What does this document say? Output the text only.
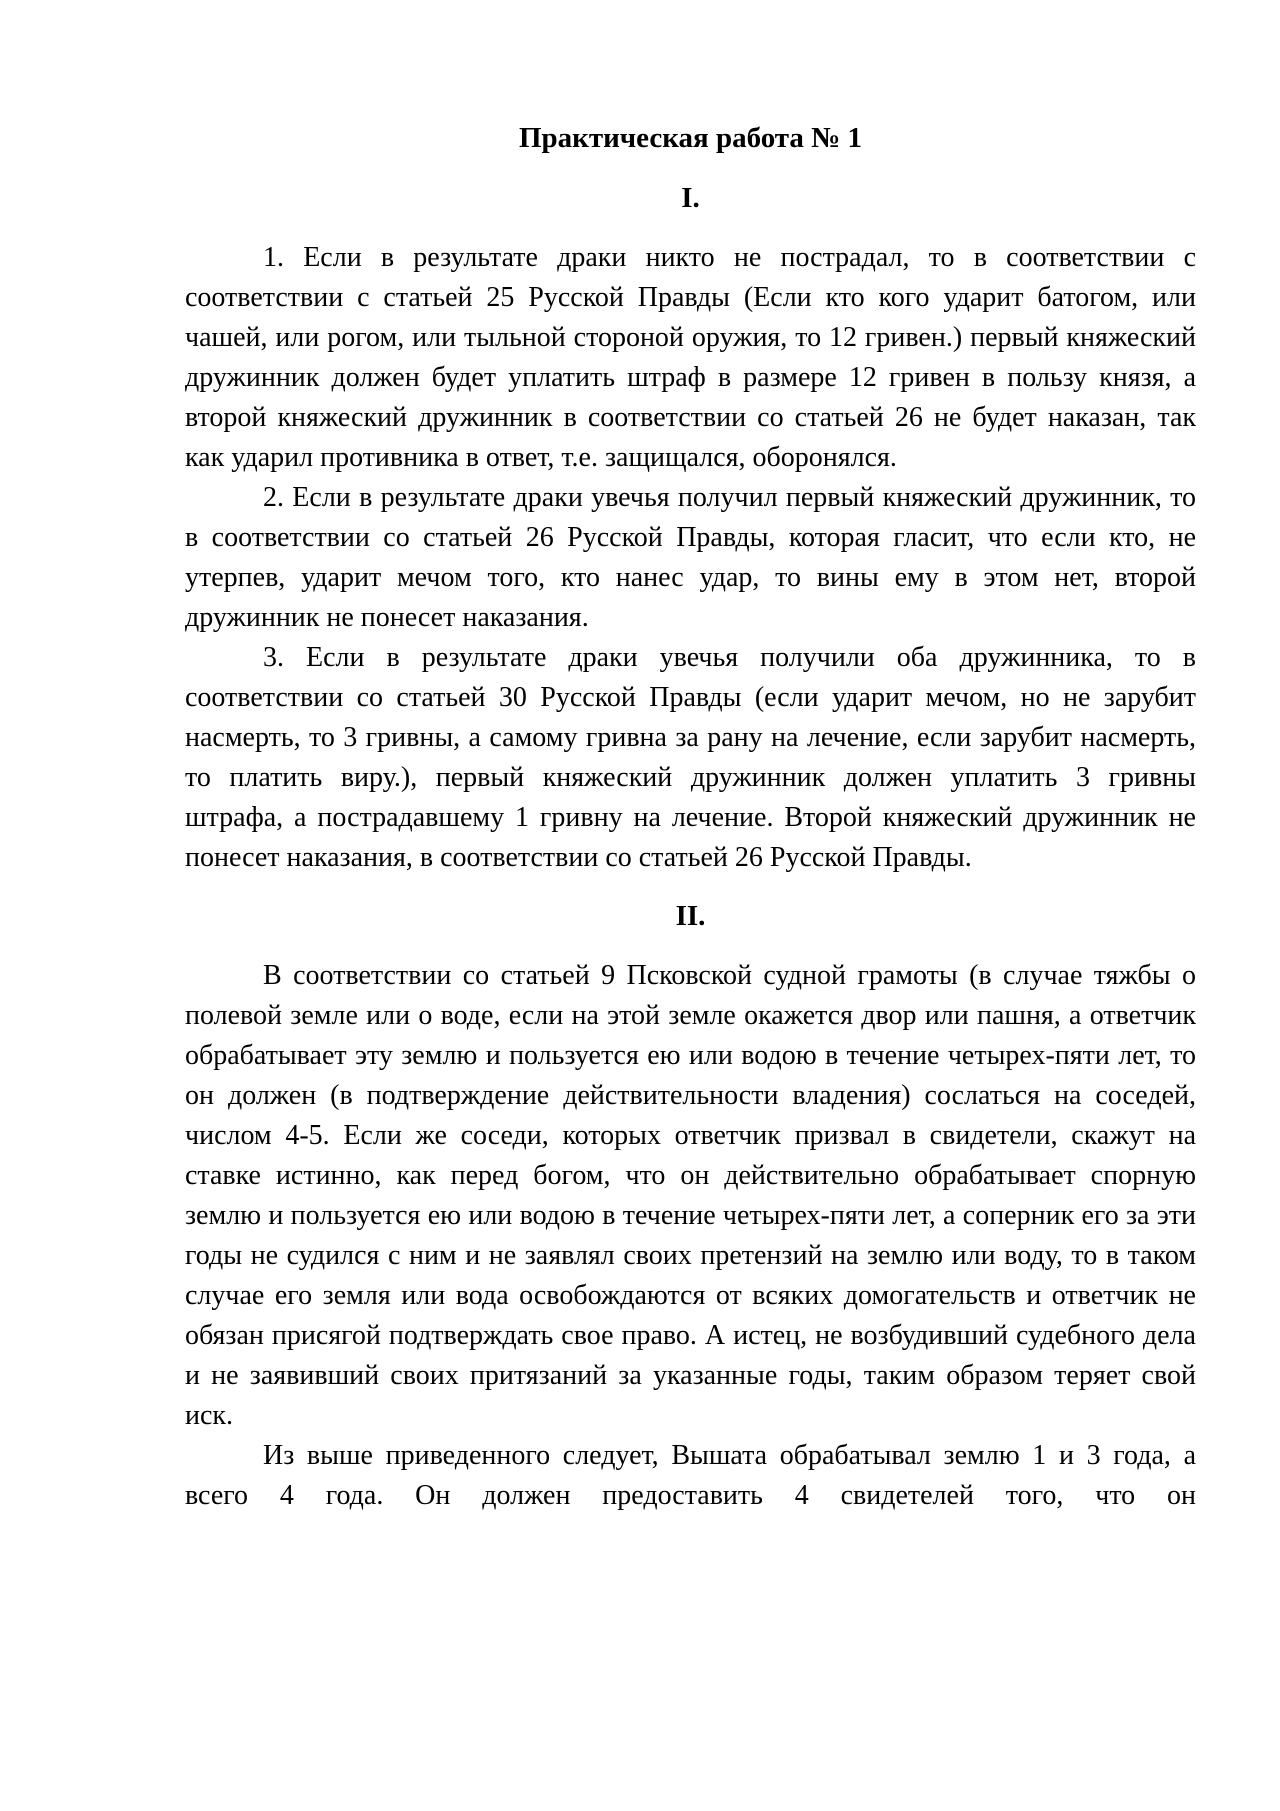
Практическая работа № 1
I.

1. Если в результате драки никто не пострадал, то в соответствии с соответствии с статьей 25 Русской Правды (Если кто кого ударит батогом, или чашей, или рогом, или тыльной стороной оружия, то 12 гривен.) первый княжеский дружинник должен будет уплатить штраф в размере 12 гривен в пользу князя, а второй княжеский дружинник в соответствии со статьей 26 не будет наказан, так как ударил противника в ответ, т.е. защищался, оборонялся.

2. Если в результате драки увечья получил первый княжеский дружинник, то в соответствии со статьей 26 Русской Правды, которая гласит, что если кто, не утерпев, ударит мечом того, кто нанес удар, то вины ему в этом нет, второй дружинник не понесет наказания.

3. Если в результате драки увечья получили оба дружинника, то в соответствии со статьей 30 Русской Правды (если ударит мечом, но не зарубит насмерть, то 3 гривны, а самому гривна за рану на лечение, если зарубит насмерть, то платить виру.), первый княжеский дружинник должен уплатить 3 гривны штрафа, а пострадавшему 1 гривну на лечение. Второй княжеский дружинник не понесет наказания, в соответствии со статьей 26 Русской Правды.

II.

В соответствии со статьей 9 Псковской судной грамоты (в случае тяжбы о полевой земле или о воде, если на этой земле окажется двор или пашня, а ответчик обрабатывает эту землю и пользуется ею или водою в течение четырех-пяти лет, то он должен (в подтверждение действительности владения) сослаться на соседей, числом 4-5. Если же соседи, которых ответчик призвал в свидетели, скажут на ставке истинно, как перед богом, что он действительно обрабатывает спорную землю и пользуется ею или водою в течение четырех-пяти лет, а соперник его за эти годы не судился с ним и не заявлял своих претензий на землю или воду, то в таком случае его земля или вода освобождаются от всяких домогательств и ответчик не обязан присягой подтверждать свое право. А истец, не возбудивший судебного дела и не заявивший своих притязаний за указанные годы, таким образом теряет свой иск.

Из выше приведенного следует, Вышата обрабатывал землю 1 и 3 года, а всего 4 года. Он должен предоставить 4 свидетелей того, что он
